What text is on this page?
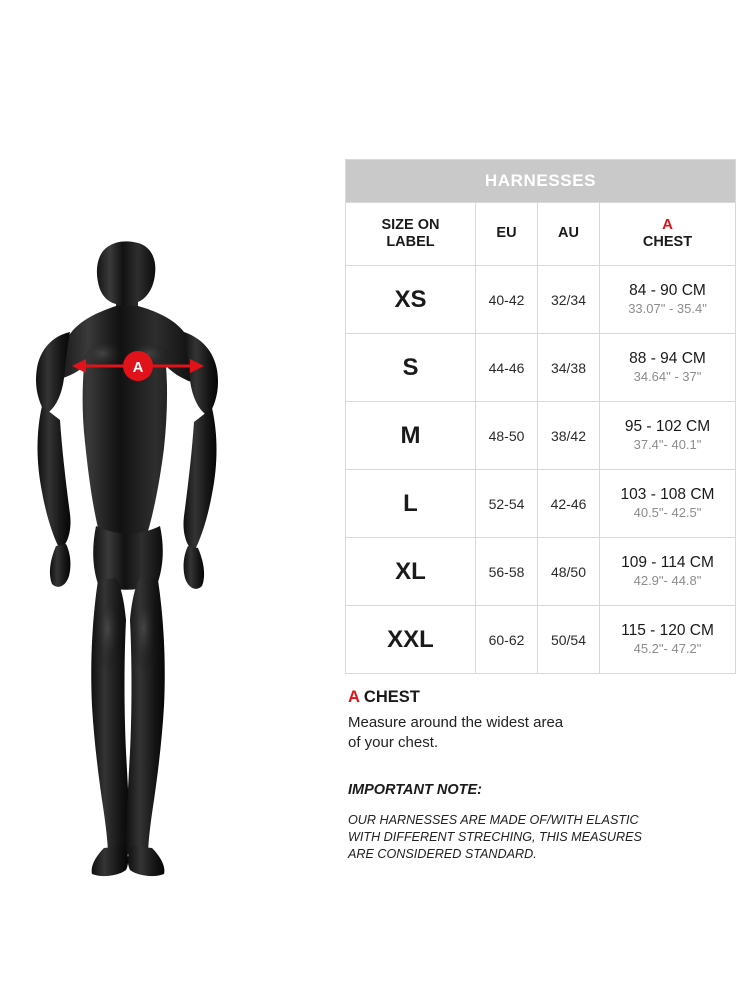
A
HARNESSES			
SIZE ON
LABEL	EU	AU	A
CHEST
XS	40-42	32/34	84 - 90 CM
33.07" - 35.4"

S	44-46	34/38	88 - 94 CM
34.64" - 37"

M	48-50	38/42	95 - 102 CM
37.4"- 40.1"

L	52-54	42-46	103 - 108 CM
40.5"- 42.5"

XL	56-58	48/50	109 - 114 CM
42.9"- 44.8"

XXL	60-62	50/54	115 - 120 CM
45.2"- 47.2"

A CHEST

Measure around the widest area
of your chest.

IMPORTANT NOTE:

OUR HARNESSES ARE MADE OF/WITH ELASTIC
WITH DIFFERENT STRECHING, THIS MEASURES
ARE CONSIDERED STANDARD.
